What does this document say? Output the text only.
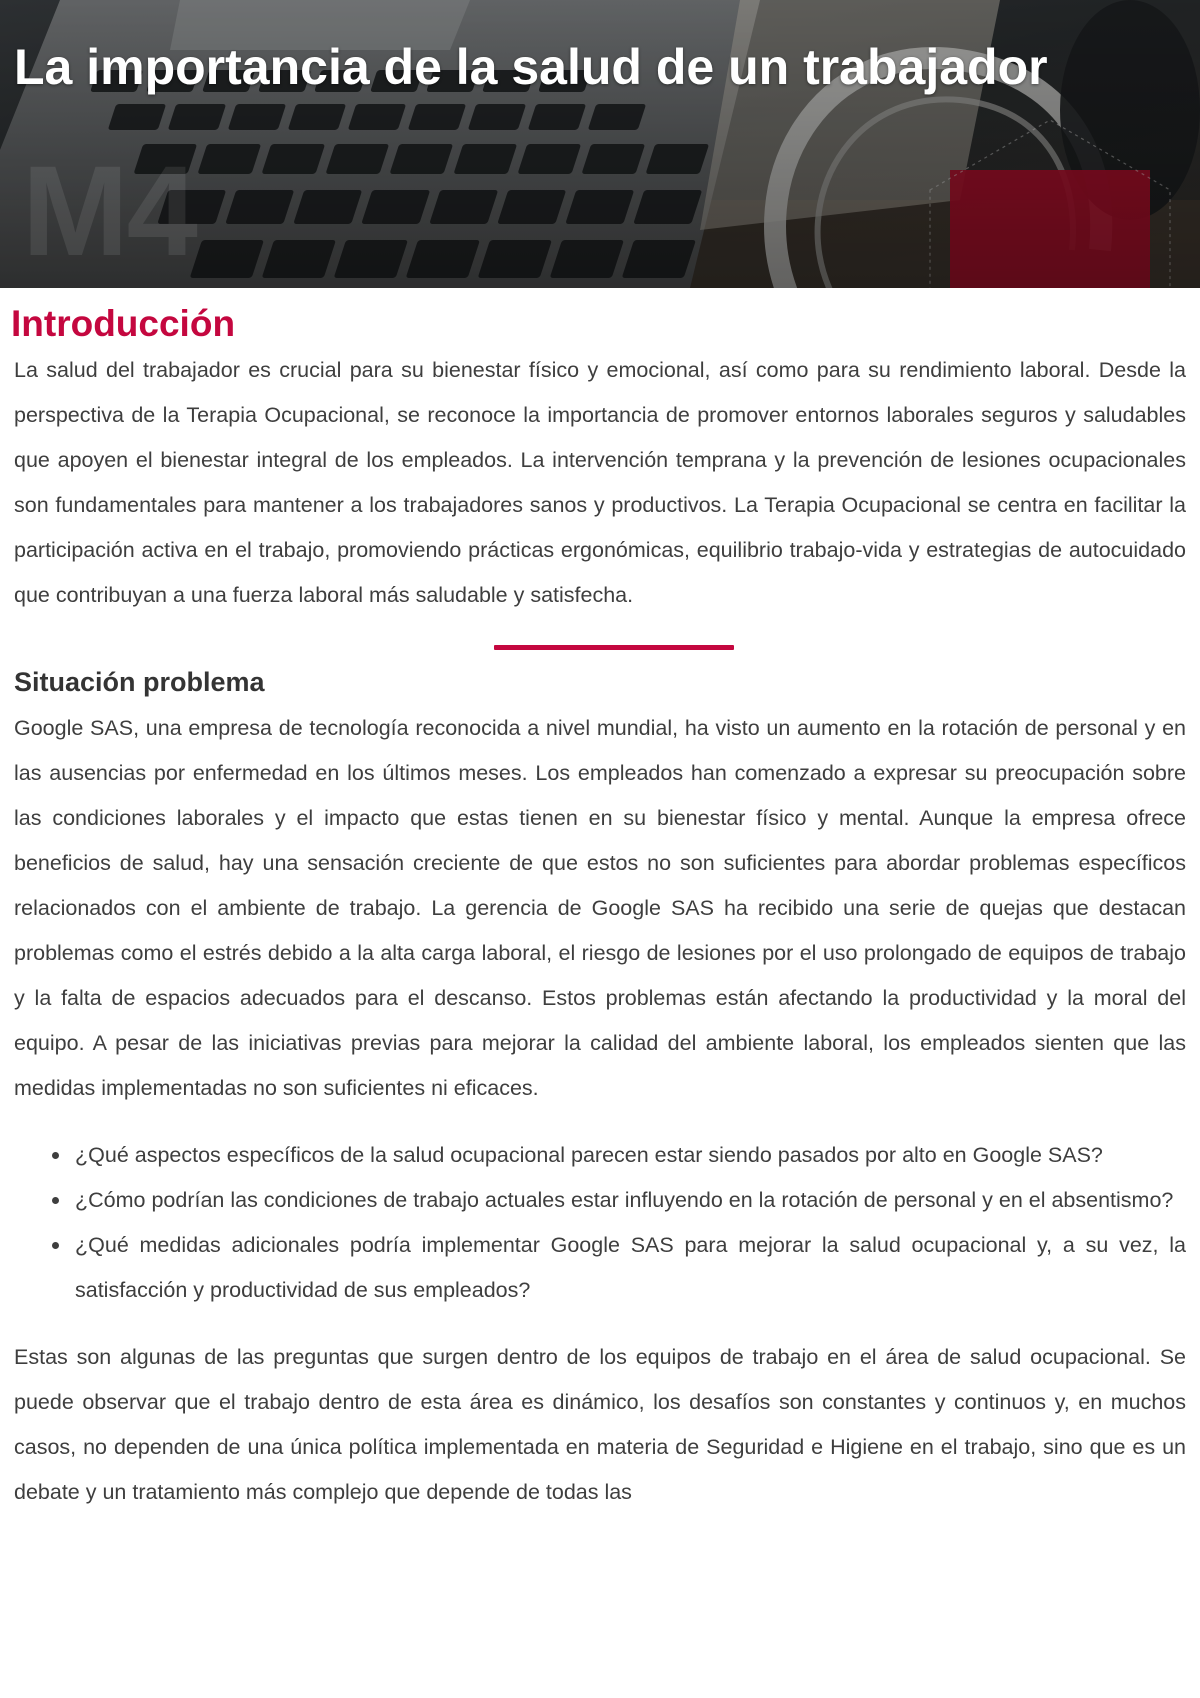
M4
La importancia de la salud de un trabajador
Introducción

La salud del trabajador es crucial para su bienestar físico y emocional, así como para su rendimiento laboral. Desde la perspectiva de la Terapia Ocupacional, se reconoce la importancia de promover entornos laborales seguros y saludables que apoyen el bienestar integral de los empleados. La intervención temprana y la prevención de lesiones ocupacionales son fundamentales para mantener a los trabajadores sanos y productivos. La Terapia Ocupacional se centra en facilitar la participación activa en el trabajo, promoviendo prácticas ergonómicas, equilibrio trabajo-vida y estrategias de autocuidado que contribuyan a una fuerza laboral más saludable y satisfecha.

Situación problema

Google SAS, una empresa de tecnología reconocida a nivel mundial, ha visto un aumento en la rotación de personal y en las ausencias por enfermedad en los últimos meses. Los empleados han comenzado a expresar su preocupación sobre las condiciones laborales y el impacto que estas tienen en su bienestar físico y mental. Aunque la empresa ofrece beneficios de salud, hay una sensación creciente de que estos no son suficientes para abordar problemas específicos relacionados con el ambiente de trabajo. La gerencia de Google SAS ha recibido una serie de quejas que destacan problemas como el estrés debido a la alta carga laboral, el riesgo de lesiones por el uso prolongado de equipos de trabajo y la falta de espacios adecuados para el descanso. Estos problemas están afectando la productividad y la moral del equipo. A pesar de las iniciativas previas para mejorar la calidad del ambiente laboral, los empleados sienten que las medidas implementadas no son suficientes ni eficaces.

¿Qué aspectos específicos de la salud ocupacional parecen estar siendo pasados por alto en Google SAS?
¿Cómo podrían las condiciones de trabajo actuales estar influyendo en la rotación de personal y en el absentismo?
¿Qué medidas adicionales podría implementar Google SAS para mejorar la salud ocupacional y, a su vez, la satisfacción y productividad de sus empleados?

Estas son algunas de las preguntas que surgen dentro de los equipos de trabajo en el área de salud ocupacional. Se puede observar que el trabajo dentro de esta área es dinámico, los desafíos son constantes y continuos y, en muchos casos, no dependen de una única política implementada en materia de Seguridad e Higiene en el trabajo, sino que es un debate y un tratamiento más complejo que depende de todas las
